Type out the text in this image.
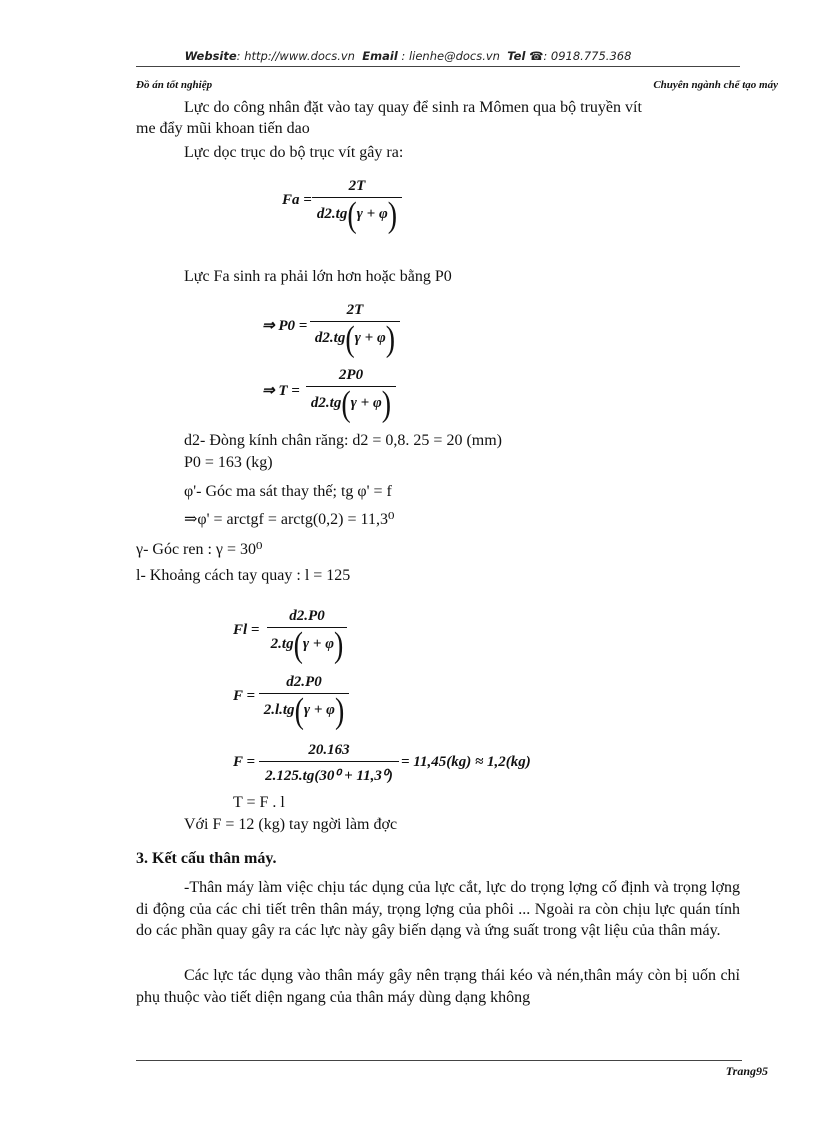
Website: http://www.docs.vn Email : lienhe@docs.vn Tel ☎: 0918.775.368
Đồ án tốt nghiệp	Chuyên ngành chế tạo máy
Lực do công nhân đặt vào tay quay để sinh ra Mômen qua bộ truyền vít
me đẩy mũi khoan tiến dao
Lực dọc trục do bộ trục vít gây ra:
Fa =
2T
d2.tg(γ + φ)
Lực Fa sinh ra phải lớn hơn hoặc bằng P0
⇒ P0 =
2T
d2.tg(γ + φ)
⇒ T =
2P0
d2.tg(γ + φ)
d2- Đòng kính chân răng: d2 = 0,8. 25 = 20 (mm)
P0 = 163 (kg)
φ'- Góc ma sát thay thế; tg φ' = f
⇒φ' = arctgf = arctg(0,2) = 11,3⁰
γ- Góc ren : γ = 30⁰
l- Khoảng cách tay quay : l = 125
Fl =
d2.P0
2.tg(γ + φ)
F =
d2.P0
2.l.tg(γ + φ)
F =
20.163
2.125.tg(30⁰ + 11,3⁰)
= 11,45(kg) ≈ 1,2(kg)
T = F . l
Với F = 12 (kg) tay ngời làm đợc
3. Kết cấu thân máy.
-Thân máy làm việc chịu tác dụng của lực cắt, lực do trọng lợng cố định và trọng lợng di động của các chi tiết trên thân máy, trọng lợng của phôi ... Ngoài ra còn chịu lực quán tính do các phần quay gây ra các lực này gây biến dạng và ứng suất trong vật liệu của thân máy.
Các lực tác dụng vào thân máy gây nên trạng thái kéo và nén,thân máy còn bị uốn chỉ phụ thuộc vào tiết diện ngang của thân máy dùng dạng không
Trang95
